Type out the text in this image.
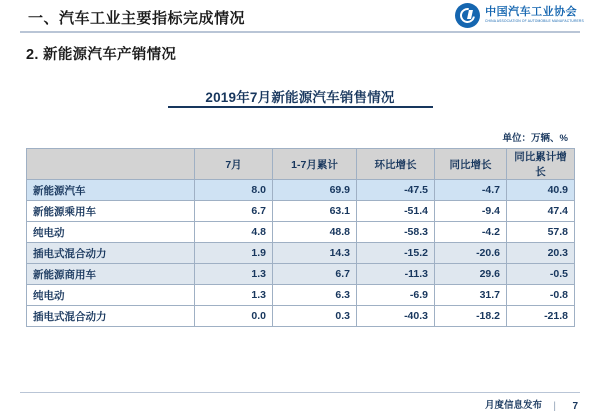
一、汽车工业主要指标完成情况	中国汽车工业协会
CHINA ASSOCIATION OF AUTOMOBILE MANUFACTURERS
2. 新能源汽车产销情况
2019年7月新能源汽车销售情况
单位：万辆、%
	7月	1-7月累计	环比增长	同比增长	同比累计增长
新能源汽车	8.0	69.9	-47.5	-4.7	40.9
新能源乘用车	6.7	63.1	-51.4	-9.4	47.4
纯电动	4.8	48.8	-58.3	-4.2	57.8
插电式混合动力	1.9	14.3	-15.2	-20.6	20.3
新能源商用车	1.3	6.7	-11.3	29.6	-0.5
纯电动	1.3	6.3	-6.9	31.7	-0.8
插电式混合动力	0.0	0.3	-40.3	-18.2	-21.8
月度信息发布 | 7
